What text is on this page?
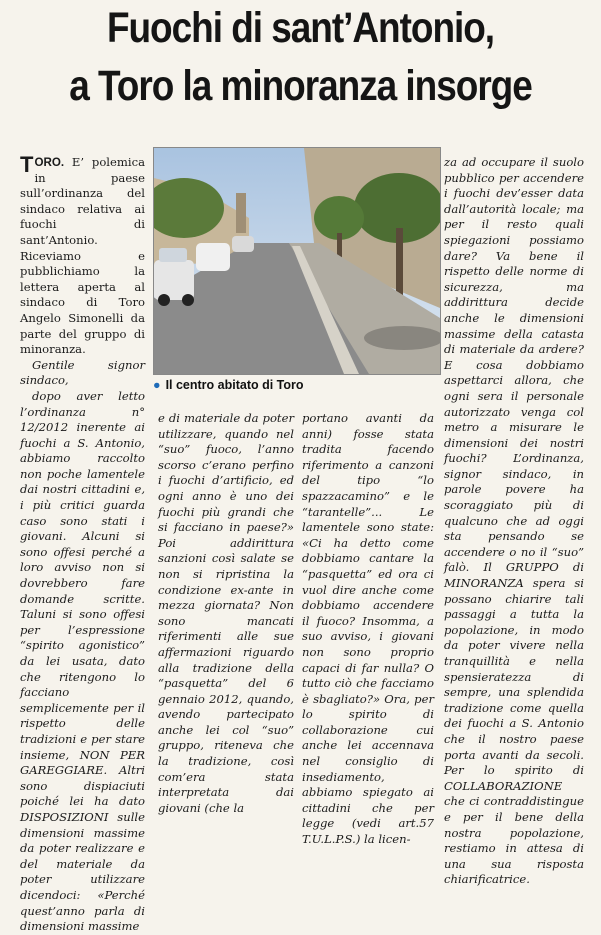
Fuochi di sant’Antonio,
a Toro la minoranza insorge

TORO. E’ polemica in paese sull’ordinanza del sindaco relativa ai fuochi di sant’Antonio. Riceviamo e pubblichiamo la lettera aperta al sindaco di Toro Angelo Simonelli da parte del gruppo di minoranza.

Gentile signor sindaco,

dopo aver letto l’ordinanza n° 12/2012 inerente ai fuochi a S. Antonio, abbiamo raccolto non poche lamentele dai nostri cittadini e, i più critici guarda caso sono stati i giovani. Alcuni si sono offesi perché a loro avviso non si dovrebbero fare domande scritte. Taluni si sono offesi per l’espressione “spirito agonistico” da lei usata, dato che ritengono lo facciano semplicemente per il rispetto delle tradizioni e per stare insieme, NON PER GAREGGIARE. Altri sono dispiaciuti poiché lei ha dato DISPOSIZIONI sulle dimensioni massime da poter realizzare e del materiale da poter utilizzare dicendoci: «Perché quest’anno parla di dimensioni massime

● Il centro abitato di Toro
e di materiale da poter utilizzare, quando nel “suo” fuoco, l’anno scorso c’erano perfino i fuochi d’artificio, ed ogni anno è uno dei fuochi più grandi che si facciano in paese?» Poi addirittura sanzioni così salate se non si ripristina la condizione ex-ante in mezza giornata? Non sono mancati riferimenti alle sue affermazioni riguardo alla tradizione della “pasquetta” del 6 gennaio 2012, quando, avendo partecipato anche lei col “suo” gruppo, riteneva che la tradizione, così com’era stata interpretata dai giovani (che la
portano avanti da anni) fosse stata tradita facendo riferimento a canzoni del tipo “lo spazzacamino” e le “tarantelle”... Le lamentele sono state: «Ci ha detto come dobbiamo cantare la “pasquetta” ed ora ci vuol dire anche come dobbiamo accendere il fuoco? Insomma, a suo avviso, i giovani non sono proprio capaci di far nulla? O tutto ciò che facciamo è sbagliato?» Ora, per lo spirito di collaborazione cui anche lei accennava nel consiglio di insediamento, abbiamo spiegato ai cittadini che per legge (vedi art.57 T.U.L.P.S.) la licen-
za ad occupare il suolo pubblico per accendere i fuochi dev’esser data dall’autorità locale; ma per il resto quali spiegazioni possiamo dare? Va bene il rispetto delle norme di sicurezza, ma addirittura decide anche le dimensioni massime della catasta di materiale da ardere? E cosa dobbiamo aspettarci allora, che ogni sera il personale autorizzato venga col metro a misurare le dimensioni dei nostri fuochi? L’ordinanza, signor sindaco, in parole povere ha scoraggiato più di qualcuno che ad oggi sta pensando se accendere o no il “suo” falò. Il GRUPPO di MINORANZA spera si possano chiarire tali passaggi a tutta la popolazione, in modo da poter vivere nella tranquillità e nella spensieratezza di sempre, una splendida tradizione come quella dei fuochi a S. Antonio che il nostro paese porta avanti da secoli. Per lo spirito di COLLABORAZIONE che ci contraddistingue e per il bene della nostra popolazione, restiamo in attesa di una sua risposta chiarificatrice.
